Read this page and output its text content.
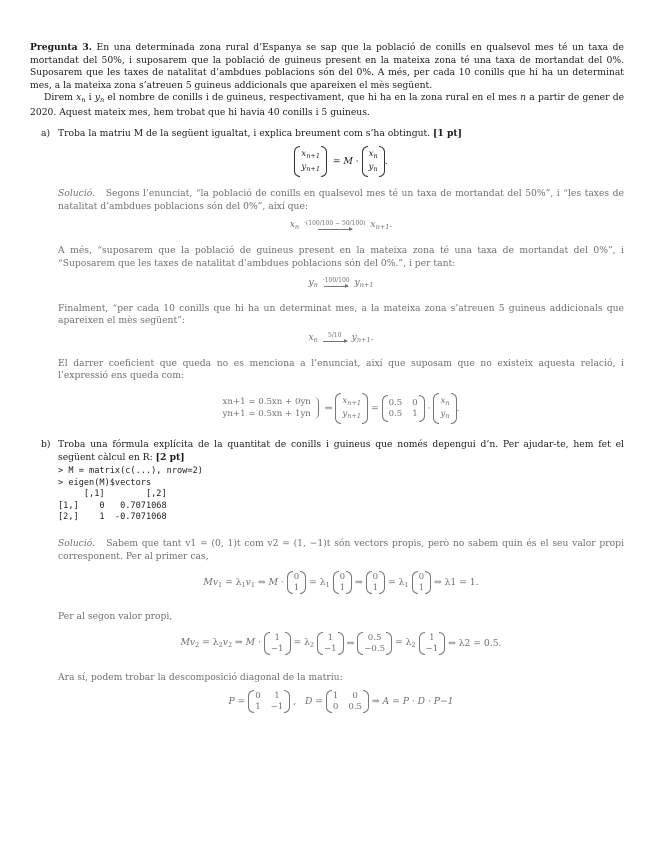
Pregunta 3. En una determinada zona rural d’Espanya se sap que la població de conills en qualsevol mes té un taxa de mortandat del 50%, i suposarem que la població de guineus present en la mateixa zona té una taxa de mortandat del 0%. Suposarem que les taxes de natalitat d’ambdues poblacions són del 0%. A més, per cada 10 conills que hi ha un determinat mes, a la mateixa zona s’atreuen 5 guineus addicionals que apareixen el mès següent.

Direm $x_n$ i $y_n$ el nombre de conills i de guineus, respectivament, que hi ha en la zona rural en el mes n a partir de gener de 2020. Aquest mateix mes, hem trobat que hi havia 40 conills i 5 guineus.

a) Troba la matriu M de la següent igualtat, i explica breument com s’ha obtingut. [1 pt]

$x_{n+1}$
$y_{n+1}$
= M ·
$x_n$
$y_n$
.

Solució. Segons l’enunciat, “la població de conills en qualsevol mes té un taxa de mortandat del 50%”, i “les taxes de natalitat d’ambdues poblacions són del 0%”, així que:

$x_n \cdot(100/100 - 50/100)$ $x_{n+1}$.

A més, “suposarem que la població de guineus present en la mateixa zona té una taxa de mortandat del 0%”, i “Suposarem que les taxes de natalitat d’ambdues poblacions són del 0%.”, i per tant:

$y_n \cdot 100/100$ $y_{n+1}$

Finalment, “per cada 10 conills que hi ha un determinat mes, a la mateixa zona s’atreuen 5 guineus addicionals que apareixen el mès següent”:

$x_n$ 5/10 $y_{n+1}$.

El darrer coeficient que queda no es menciona a l’enunciat, així que suposam que no existeix aquesta relació, i l’expressió ens queda com:

xn+1 = 0.5xn + 0yn
yn+1 = 0.5xn + 1yn
⇒
$x_{n+1}$
$y_{n+1}$
= 0.5 0
0.5 1 ·
$x_n$
$y_n$
.
b) Troba una fórmula explícita de la quantitat de conills i guineus que només depengui d’n. Per ajudar-te, hem fet el següent càlcul en R: [2 pt]

> M = matrix(c(...), nrow=2)
> eigen(M)$vectors
[,1]        [,2]
[1,]    0   0.7071068
[2,]    1  -0.7071068

Solució. Sabem que tant v1 = (0, 1)t com v2 = (1, −1)t són vectors propis, però no sabem quin és el seu valor propi corresponent. Per al primer cas,

$Mv_1 = \lambda_1v_1$ ⇒ M · 0
1
= $\lambda_1$
0
1 ⇒ 0
1
= $\lambda_1$
0
1 ⇒ λ1 = 1.

Per al segon valor propi,

$Mv_2 = \lambda_2v_2$ ⇒ M · 1
−1
= $\lambda_2$
1
−1 ⇒ 0.5
−0.5
= $\lambda_2$
1
−1 ⇒ λ2 = 0.5.

Ara sí, podem trobar la descomposició diagonal de la matriu:

P = 0	1
1 −1 ,   D = 1	0
0 0.5 ⇒ A = P · D · P−1
